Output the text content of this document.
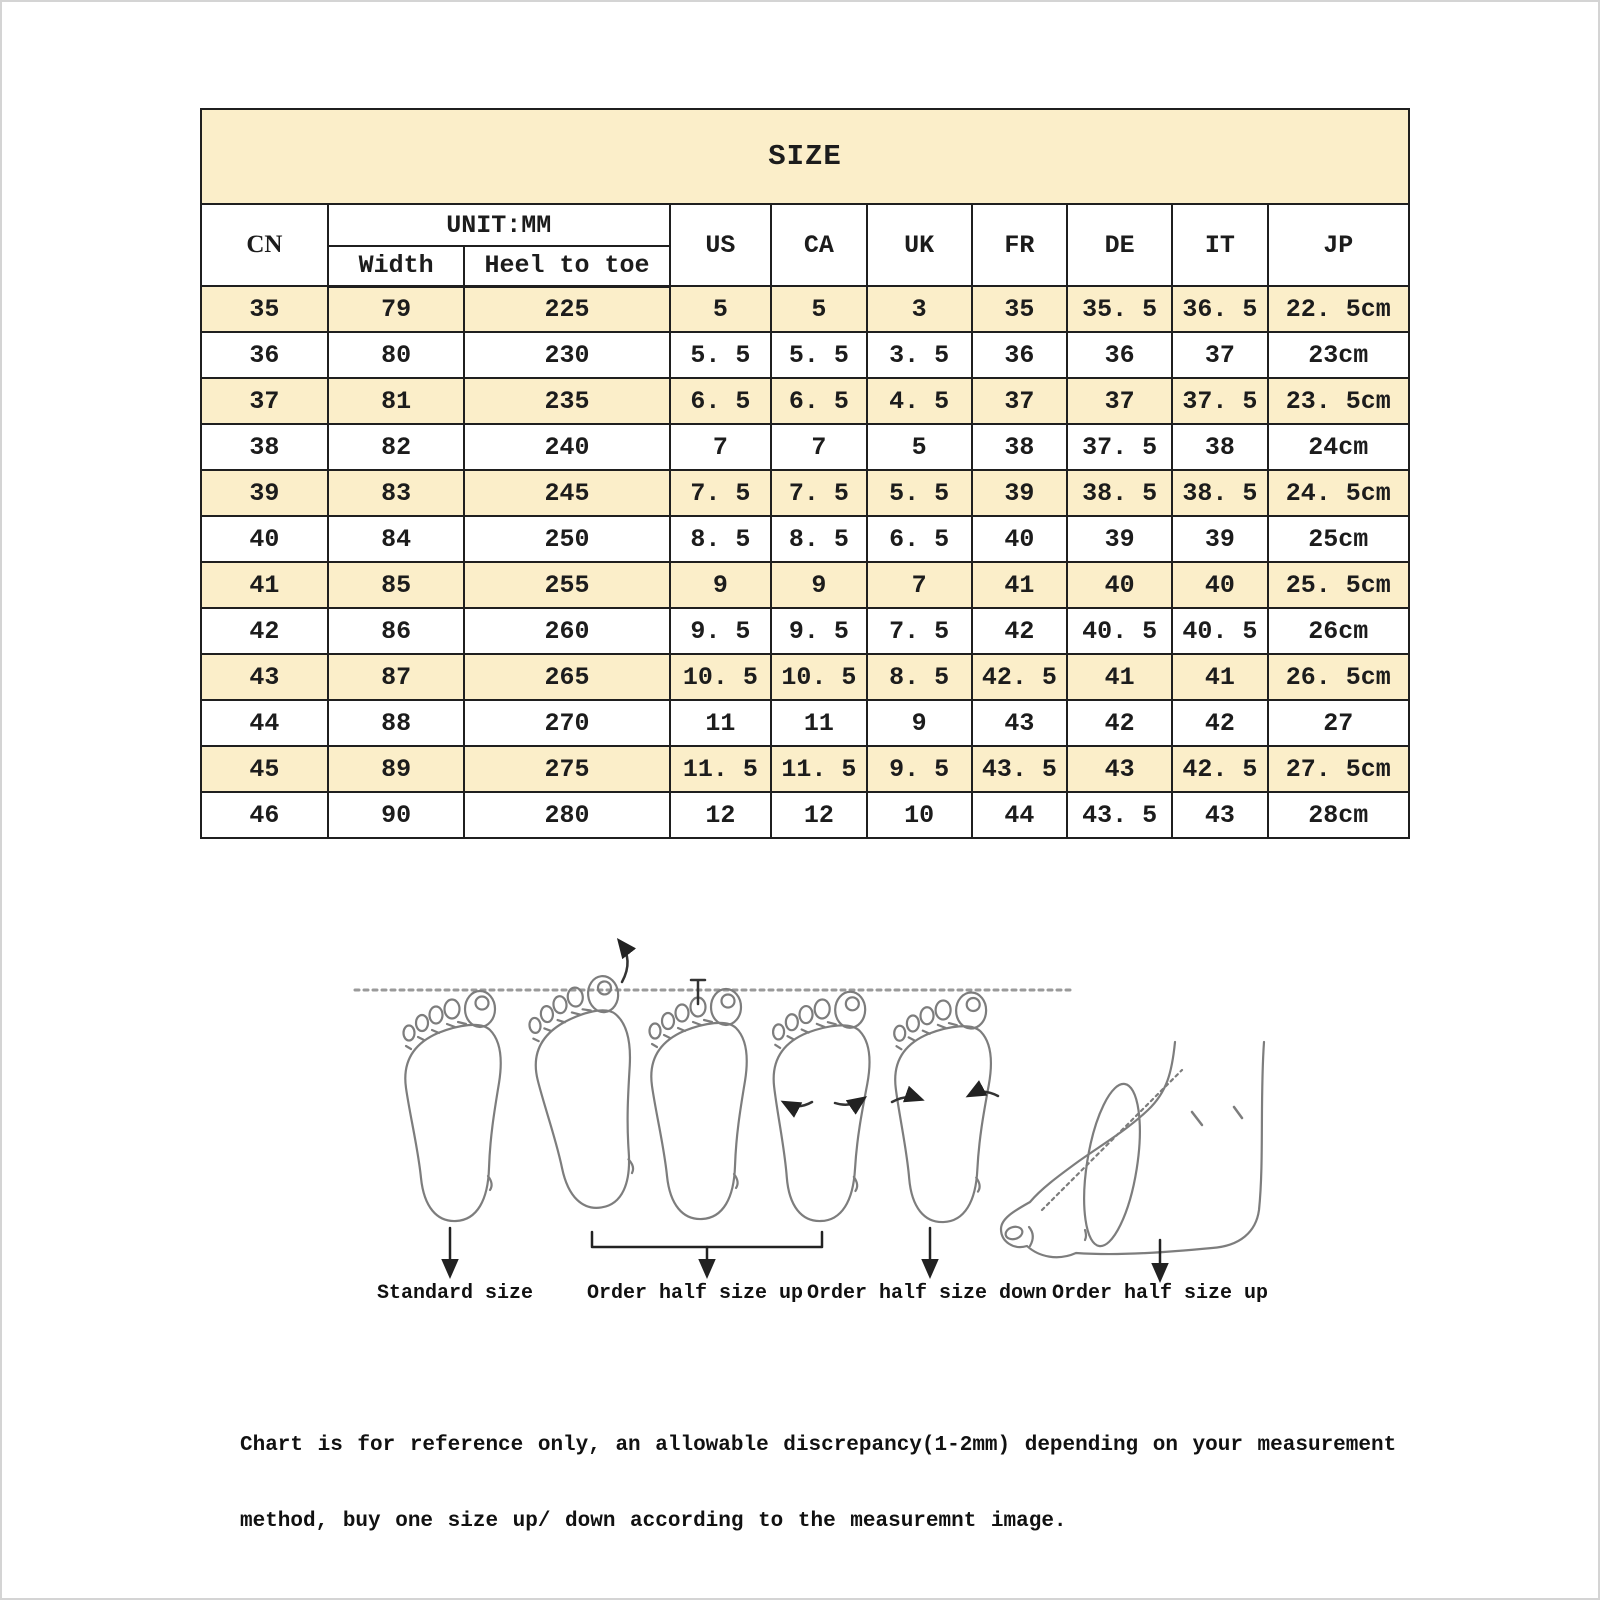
SIZE									
CN	UNIT:MM		US	CA	UK	FR	DE	IT	JP
	Width	Heel to toe							
35	79	225	5	5	3	35	35. 5	36. 5	22. 5cm
36	80	230	5. 5	5. 5	3. 5	36	36	37	23cm
37	81	235	6. 5	6. 5	4. 5	37	37	37. 5	23. 5cm
38	82	240	7	7	5	38	37. 5	38	24cm
39	83	245	7. 5	7. 5	5. 5	39	38. 5	38. 5	24. 5cm
40	84	250	8. 5	8. 5	6. 5	40	39	39	25cm
41	85	255	9	9	7	41	40	40	25. 5cm
42	86	260	9. 5	9. 5	7. 5	42	40. 5	40. 5	26cm
43	87	265	10. 5	10. 5	8. 5	42. 5	41	41	26. 5cm
44	88	270	11	11	9	43	42	42	27
45	89	275	11. 5	11. 5	9. 5	43. 5	43	42. 5	27. 5cm
46	90	280	12	12	10	44	43. 5	43	28cm
Standard size	Order half size up Order half size down Order half size up
Chart is for reference only, an allowable discrepancy(1-2mm) depending on your measurement
method, buy one size up/ down according to the measuremnt image.
